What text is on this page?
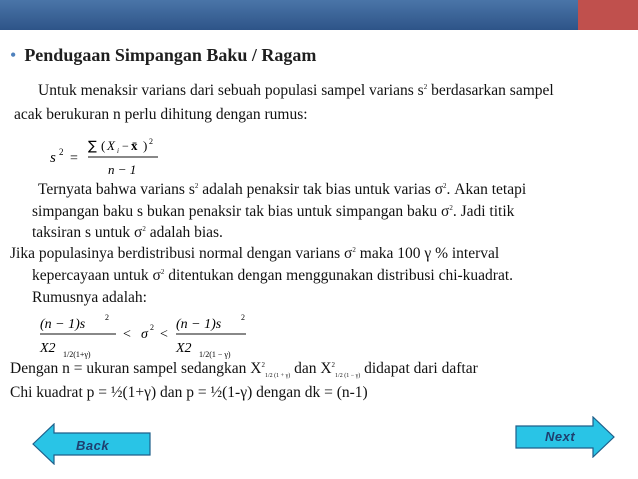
• Pendugaan Simpangan Baku / Ragam
Untuk menaksir varians dari sebuah populasi sampel varians $s^2$ berdasarkan sampel
acak berukuran n perlu dihitung dengan rumus:
s 2 =
∑ ( X i − x̄ ) 2
n − 1
Ternyata bahwa varians $s^2$ adalah penaksir tak bias untuk varias $\sigma^2$. Akan tetapi
simpangan baku s bukan penaksir tak bias untuk simpangan baku $\sigma^2$. Jadi titik
taksiran s untuk $\sigma^2$ adalah bias.
Jika populasinya berdistribusi normal dengan varians $\sigma^2$ maka 100 γ % interval
kepercayaan untuk $\sigma^2$ ditentukan dengan menggunakan distribusi chi-kuadrat.
Rumusnya adalah:
(n − 1)s 2
X2 1/2(1+γ)
< σ 2 <
(n − 1)s 2
X2 1/2(1 − γ)
Dengan n = ukuran sampel sedangkan $X^2_{1/2 (1 + \gamma)}$ dan $X^2_{1/2 (1 - \gamma)}$ didapat dari daftar
Chi kuadrat p = ½(1+γ) dan p = ½(1-γ) dengan dk = (n-1)
Back
Next
